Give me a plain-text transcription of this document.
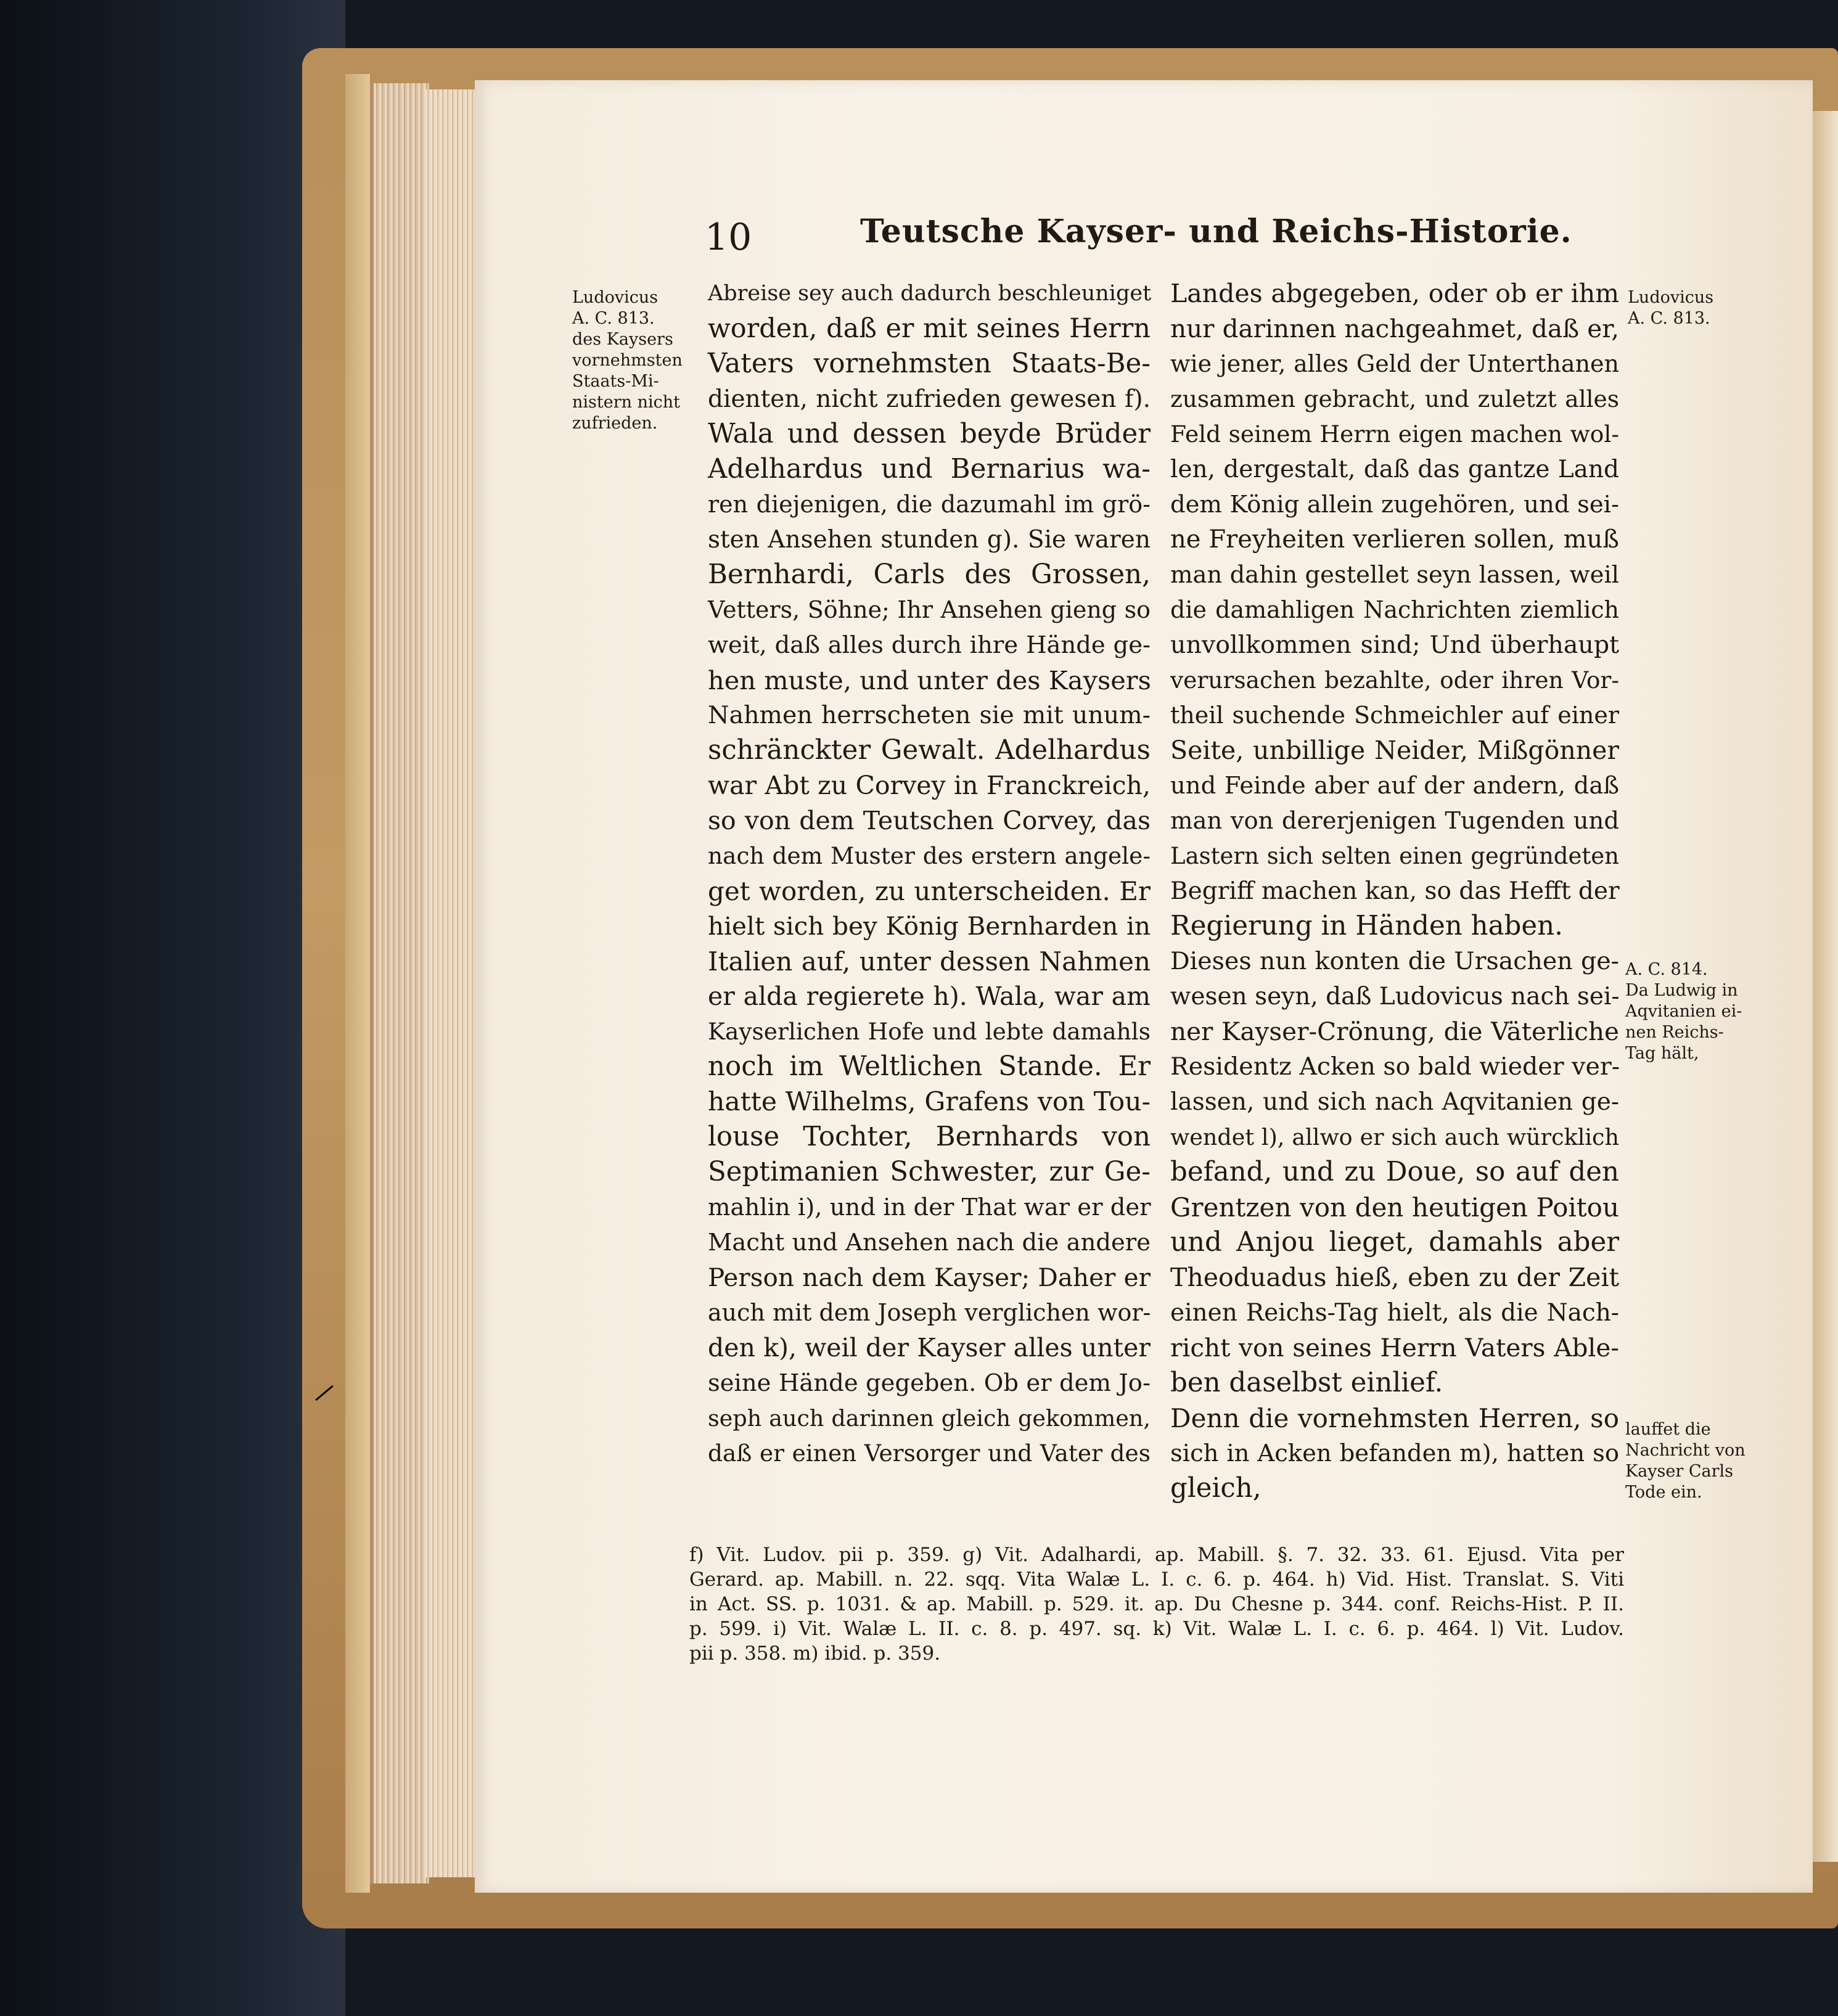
10	Teutsche Kayser- und Reichs-Historie.
Ludovicus
A. C. 813.
des Kaysers
vornehmsten
Staats-Mi-
nistern nicht
zufrieden.
Ludovicus
A. C. 813.
A. C. 814.
Da Ludwig in
Aqvitanien ei-
nen Reichs-
Tag hält,
lauffet die
Nachricht von
Kayser Carls
Tode ein.
Abreise sey auch dadurch beschleuniget
worden, daß er mit seines Herrn
Vaters vornehmsten Staats-Be-
dienten, nicht zufrieden gewesen f).
Wala und dessen beyde Brüder
Adelhardus und Bernarius wa-
ren diejenigen, die dazumahl im grö-
sten Ansehen stunden g). Sie waren
Bernhardi, Carls des Grossen,
Vetters, Söhne; Ihr Ansehen gieng so
weit, daß alles durch ihre Hände ge-
hen muste, und unter des Kaysers
Nahmen herrscheten sie mit unum-
schränckter Gewalt. Adelhardus
war Abt zu Corvey in Franckreich,
so von dem Teutschen Corvey, das
nach dem Muster des erstern angele-
get worden, zu unterscheiden. Er
hielt sich bey König Bernharden in
Italien auf, unter dessen Nahmen
er alda regierete h). Wala, war am
Kayserlichen Hofe und lebte damahls
noch im Weltlichen Stande. Er
hatte Wilhelms, Grafens von Tou-
louse Tochter, Bernhards von
Septimanien Schwester, zur Ge-
mahlin i), und in der That war er der
Macht und Ansehen nach die andere
Person nach dem Kayser; Daher er
auch mit dem Joseph verglichen wor-
den k), weil der Kayser alles unter
seine Hände gegeben. Ob er dem Jo-
seph auch darinnen gleich gekommen,
daß er einen Versorger und Vater des
Landes abgegeben, oder ob er ihm
nur darinnen nachgeahmet, daß er,
wie jener, alles Geld der Unterthanen
zusammen gebracht, und zuletzt alles
Feld seinem Herrn eigen machen wol-
len, dergestalt, daß das gantze Land
dem König allein zugehören, und sei-
ne Freyheiten verlieren sollen, muß
man dahin gestellet seyn lassen, weil
die damahligen Nachrichten ziemlich
unvollkommen sind; Und überhaupt
verursachen bezahlte, oder ihren Vor-
theil suchende Schmeichler auf einer
Seite, unbillige Neider, Mißgönner
und Feinde aber auf der andern, daß
man von dererjenigen Tugenden und
Lastern sich selten einen gegründeten
Begriff machen kan, so das Hefft der
Regierung in Händen haben.
Dieses nun konten die Ursachen ge-
wesen seyn, daß Ludovicus nach sei-
ner Kayser-Crönung, die Väterliche
Residentz Acken so bald wieder ver-
lassen, und sich nach Aqvitanien ge-
wendet l), allwo er sich auch würcklich
befand, und zu Doue, so auf den
Grentzen von den heutigen Poitou
und Anjou lieget, damahls aber
Theoduadus hieß, eben zu der Zeit
einen Reichs-Tag hielt, als die Nach-
richt von seines Herrn Vaters Able-
ben daselbst einlief.
Denn die vornehmsten Herren, so
sich in Acken befanden m), hatten so
gleich,
f) Vit. Ludov. pii p. 359. g) Vit. Adalhardi, ap. Mabill. §. 7. 32. 33. 61. Ejusd. Vita per
Gerard. ap. Mabill. n. 22. sqq. Vita Walæ L. I. c. 6. p. 464. h) Vid. Hist. Translat. S. Viti
in Act. SS. p. 1031. & ap. Mabill. p. 529. it. ap. Du Chesne p. 344. conf. Reichs-Hist. P. II.
p. 599. i) Vit. Walæ L. II. c. 8. p. 497. sq. k) Vit. Walæ L. I. c. 6. p. 464. l) Vit. Ludov.
pii p. 358. m) ibid. p. 359.
